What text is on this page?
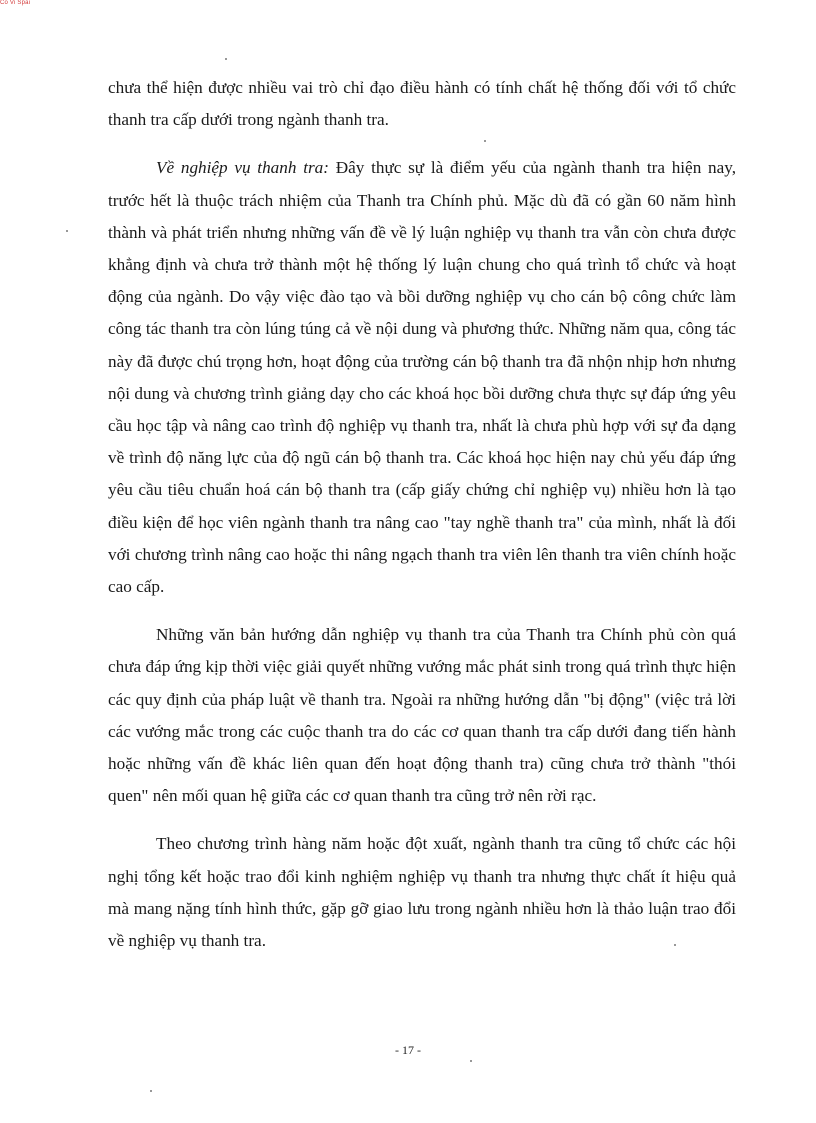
Co Vi Spai

chưa thể hiện được nhiều vai trò chỉ đạo điều hành có tính chất hệ thống đối với tổ chức thanh tra cấp dưới trong ngành thanh tra.

Về nghiệp vụ thanh tra: Đây thực sự là điểm yếu của ngành thanh tra hiện nay, trước hết là thuộc trách nhiệm của Thanh tra Chính phủ. Mặc dù đã có gần 60 năm hình thành và phát triển nhưng những vấn đề về lý luận nghiệp vụ thanh tra vẫn còn chưa được khẳng định và chưa trở thành một hệ thống lý luận chung cho quá trình tổ chức và hoạt động của ngành. Do vậy việc đào tạo và bồi dưỡng nghiệp vụ cho cán bộ công chức làm công tác thanh tra còn lúng túng cả về nội dung và phương thức. Những năm qua, công tác này đã được chú trọng hơn, hoạt động của trường cán bộ thanh tra đã nhộn nhịp hơn nhưng nội dung và chương trình giảng dạy cho các khoá học bồi dưỡng chưa thực sự đáp ứng yêu cầu học tập và nâng cao trình độ nghiệp vụ thanh tra, nhất là chưa phù hợp với sự đa dạng về trình độ năng lực của độ ngũ cán bộ thanh tra. Các khoá học hiện nay chủ yếu đáp ứng yêu cầu tiêu chuẩn hoá cán bộ thanh tra (cấp giấy chứng chỉ nghiệp vụ) nhiều hơn là tạo điều kiện để học viên ngành thanh tra nâng cao "tay nghề thanh tra" của mình, nhất là đối với chương trình nâng cao hoặc thi nâng ngạch thanh tra viên lên thanh tra viên chính hoặc cao cấp.

Những văn bản hướng dẫn nghiệp vụ thanh tra của Thanh tra Chính phủ còn quá chưa đáp ứng kịp thời việc giải quyết những vướng mắc phát sinh trong quá trình thực hiện các quy định của pháp luật về thanh tra. Ngoài ra những hướng dẫn "bị động" (việc trả lời các vướng mắc trong các cuộc thanh tra do các cơ quan thanh tra cấp dưới đang tiến hành hoặc những vấn đề khác liên quan đến hoạt động thanh tra) cũng chưa trở thành "thói quen" nên mối quan hệ giữa các cơ quan thanh tra cũng trở nên rời rạc.

Theo chương trình hàng năm hoặc đột xuất, ngành thanh tra cũng tổ chức các hội nghị tổng kết hoặc trao đổi kinh nghiệm nghiệp vụ thanh tra nhưng thực chất ít hiệu quả mà mang nặng tính hình thức, gặp gỡ giao lưu trong ngành nhiều hơn là thảo luận trao đổi về nghiệp vụ thanh tra.

- 17 -
